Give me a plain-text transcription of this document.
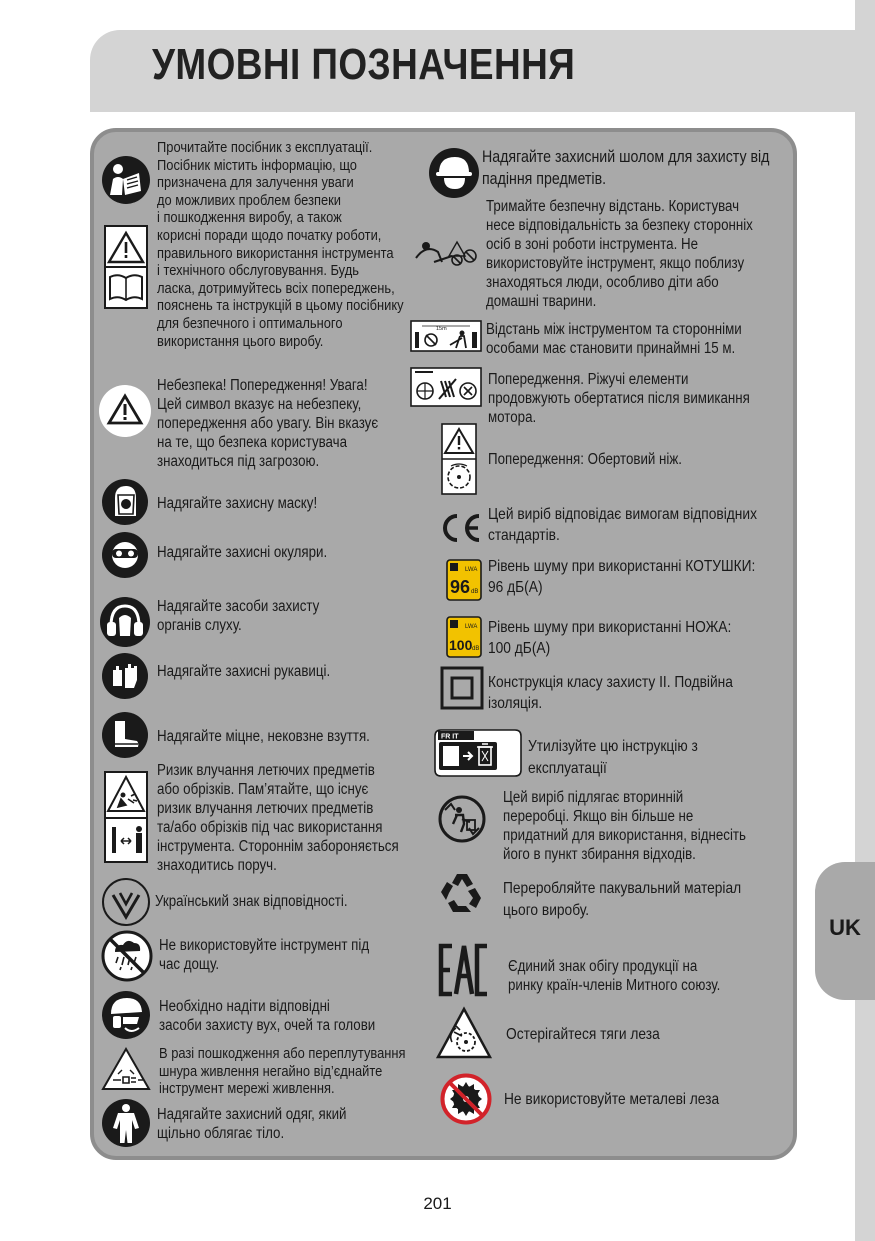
UK
УМОВНІ ПОЗНАЧЕННЯ
15m
LWA
96 dB
LWA
100 dB
FR IT
Прочитайте посібник з експлуатації.
Посібник містить інформацію, що
призначена для залучення уваги
до можливих проблем безпеки
і пошкодження виробу, а також
корисні поради щодо початку роботи,
правильного використання інструмента
і технічного обслуговування. Будь
ласка, дотримуйтесь всіх попереджень,
пояснень та інструкцій в цьому посібнику
для безпечного і оптимального
використання цього виробу.
Небезпека! Попередження! Увага!
Цей символ вказує на небезпеку,
попередження або увагу. Він вказує
на те, що безпека користувача
знаходиться під загрозою.
Надягайте захисну маску!
Надягайте захисні окуляри.
Надягайте засоби захисту
органів слуху.
Надягайте захисні рукавиці.
Надягайте міцне, нековзне взуття.
Ризик влучання летючих предметів
або обрізків. Пам’ятайте, що існує
ризик влучання летючих предметів
та/або обрізків під час використання
інструмента. Стороннім забороняється
знаходитись поруч.
Український знак відповідності.
Не використовуйте інструмент під
час дощу.
Необхідно надіти відповідні
засоби захисту вух, очей та голови
В разі пошкодження або переплутування
шнура живлення негайно від’єднайте
інструмент мережі живлення.
Надягайте захисний одяг, який
щільно облягає тіло.
Надягайте захисний шолом для захисту від
падіння предметів.
Тримайте безпечну відстань. Користувач
несе відповідальність за безпеку сторонніх
осіб в зоні роботи інструмента. Не
використовуйте інструмент, якщо поблизу
знаходяться люди, особливо діти або
домашні тварини.
Відстань між інструментом та сторонніми
особами має становити принаймні 15 м.
Попередження. Ріжучі елементи
продовжують обертатися після вимикання
мотора.
Попередження: Обертовий ніж.
Цей виріб відповідає вимогам відповідних
стандартів.
Рівень шуму при використанні КОТУШКИ:
96 дБ(А)
Рівень шуму при використанні НОЖА:
100 дБ(А)
Конструкція класу захисту II. Подвійна
ізоляція.
Утилізуйте цю інструкцію з
експлуатації
Цей виріб підлягає вторинній
переробці. Якщо він більше не
придатний для використання, віднесіть
його в пункт збирання відходів.
Переробляйте пакувальний матеріал
цього виробу.
Єдиний знак обігу продукції на
ринку країн-членів Митного союзу.
Остерігайтеся тяги леза
Не використовуйте металеві леза
201
